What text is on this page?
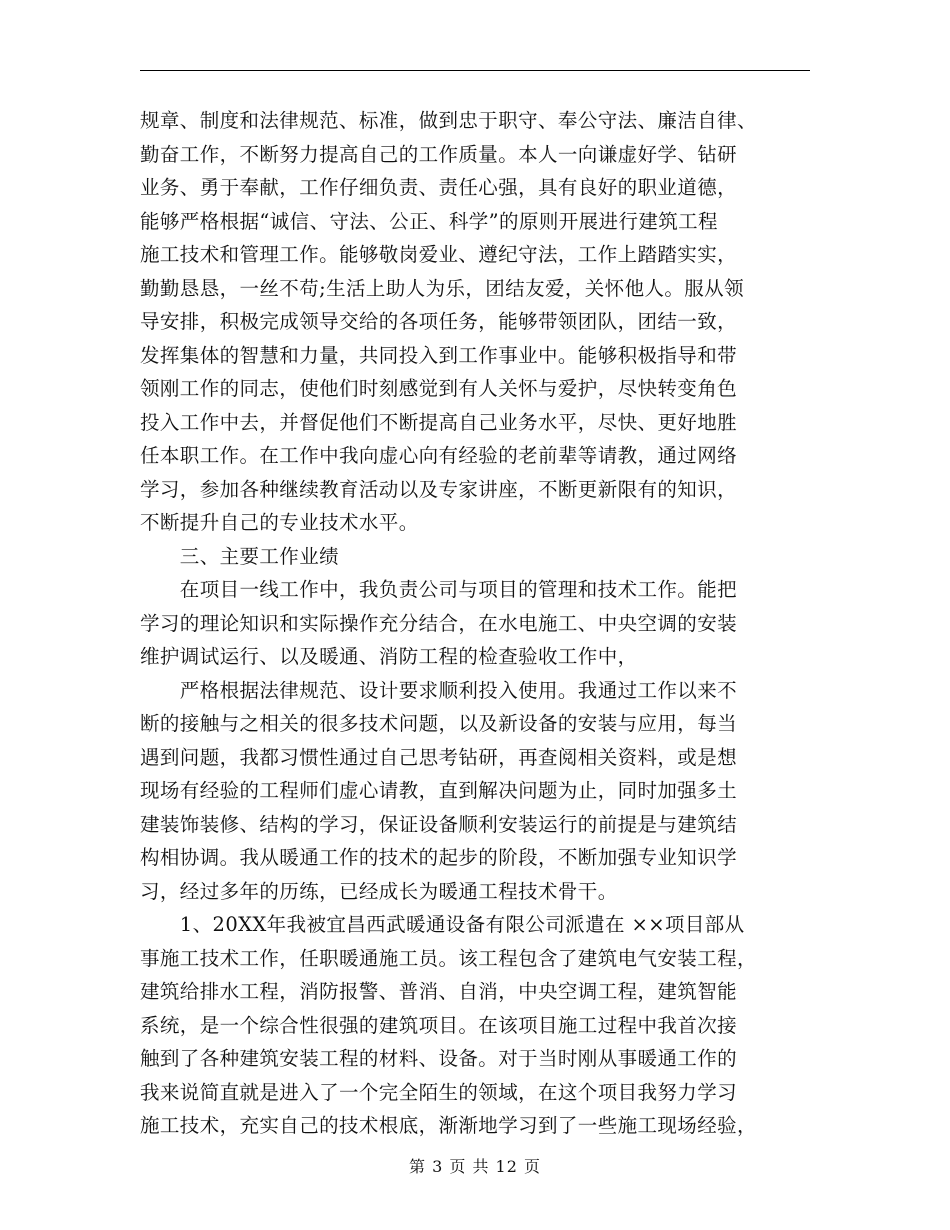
规章、制度和法律规范、标准，做到忠于职守、奉公守法、廉洁自律、
勤奋工作，不断努力提高自己的工作质量。本人一向谦虚好学、钻研
业务、勇于奉献，工作仔细负责、责任心强，具有良好的职业道德，
能够严格根据“诚信、守法、公正、科学”的原则开展进行建筑工程
施工技术和管理工作。能够敬岗爱业、遵纪守法，工作上踏踏实实，
勤勤恳恳，一丝不苟;生活上助人为乐，团结友爱，关怀他人。服从领
导安排，积极完成领导交给的各项任务，能够带领团队，团结一致，
发挥集体的智慧和力量，共同投入到工作事业中。能够积极指导和带
领刚工作的同志，使他们时刻感觉到有人关怀与爱护，尽快转变角色
投入工作中去，并督促他们不断提高自己业务水平，尽快、更好地胜
任本职工作。在工作中我向虚心向有经验的老前辈等请教，通过网络
学习，参加各种继续教育活动以及专家讲座，不断更新限有的知识，
不断提升自己的专业技术水平。
　　三、主要工作业绩
　　在项目一线工作中，我负责公司与项目的管理和技术工作。能把
学习的理论知识和实际操作充分结合，在水电施工、中央空调的安装
维护调试运行、以及暖通、消防工程的检查验收工作中，
　　严格根据法律规范、设计要求顺利投入使用。我通过工作以来不
断的接触与之相关的很多技术问题，以及新设备的安装与应用，每当
遇到问题，我都习惯性通过自己思考钻研，再查阅相关资料，或是想
现场有经验的工程师们虚心请教，直到解决问题为止，同时加强多土
建装饰装修、结构的学习，保证设备顺利安装运行的前提是与建筑结
构相协调。我从暖通工作的技术的起步的阶段，不断加强专业知识学
习，经过多年的历练，已经成长为暖通工程技术骨干。
　　1、20XX年我被宜昌西武暖通设备有限公司派遣在 ××项目部从
事施工技术工作，任职暖通施工员。该工程包含了建筑电气安装工程，
建筑给排水工程，消防报警、普消、自消，中央空调工程，建筑智能
系统，是一个综合性很强的建筑项目。在该项目施工过程中我首次接
触到了各种建筑安装工程的材料、设备。对于当时刚从事暖通工作的
我来说简直就是进入了一个完全陌生的领域，在这个项目我努力学习
施工技术，充实自己的技术根底，渐渐地学习到了一些施工现场经验，
第 3 页 共 12 页
